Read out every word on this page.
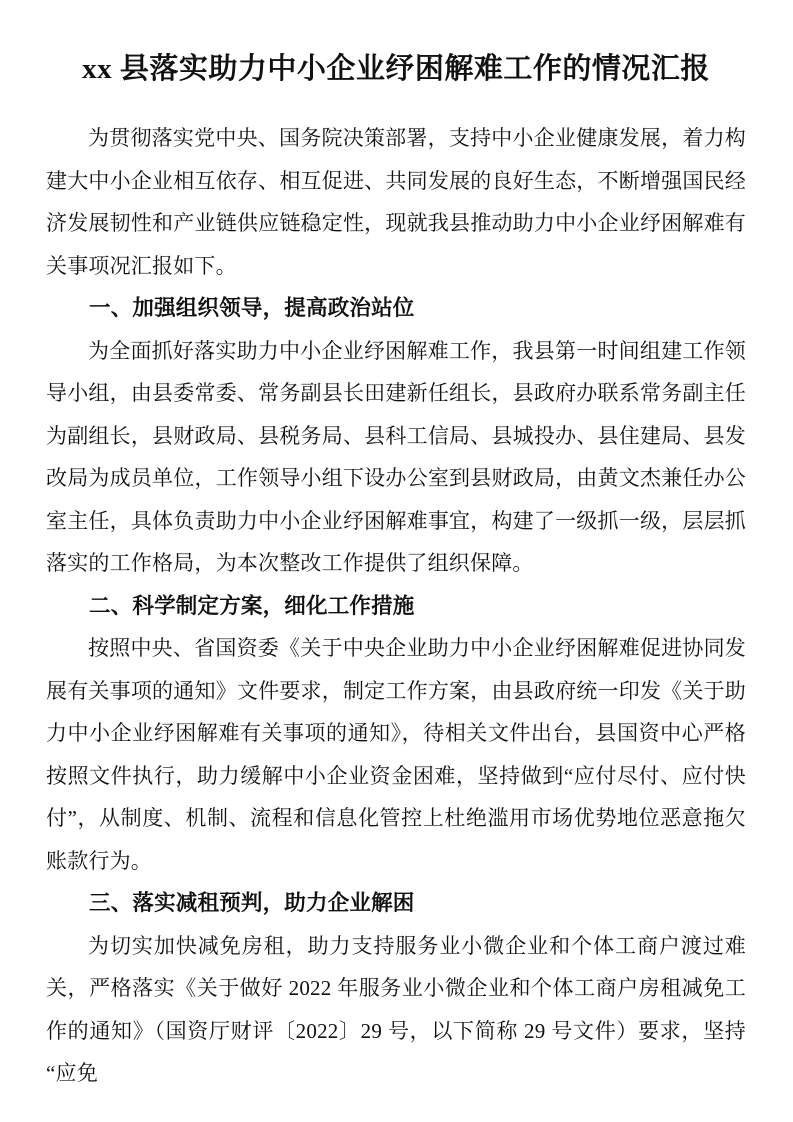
xx 县落实助力中小企业纾困解难工作的情况汇报

为贯彻落实党中央、国务院决策部署，支持中小企业健康发展，着力构建大中小企业相互依存、相互促进、共同发展的良好生态，不断增强国民经济发展韧性和产业链供应链稳定性，现就我县推动助力中小企业纾困解难有关事项况汇报如下。

一、加强组织领导，提高政治站位

为全面抓好落实助力中小企业纾困解难工作，我县第一时间组建工作领导小组，由县委常委、常务副县长田建新任组长，县政府办联系常务副主任为副组长，县财政局、县税务局、县科工信局、县城投办、县住建局、县发改局为成员单位，工作领导小组下设办公室到县财政局，由黄文杰兼任办公室主任，具体负责助力中小企业纾困解难事宜，构建了一级抓一级，层层抓落实的工作格局，为本次整改工作提供了组织保障。

二、科学制定方案，细化工作措施

按照中央、省国资委《关于中央企业助力中小企业纾困解难促进协同发展有关事项的通知》文件要求，制定工作方案，由县政府统一印发《关于助力中小企业纾困解难有关事项的通知》，待相关文件出台，县国资中心严格按照文件执行，助力缓解中小企业资金困难，坚持做到“应付尽付、应付快付”，从制度、机制、流程和信息化管控上杜绝滥用市场优势地位恶意拖欠账款行为。

三、落实减租预判，助力企业解困

为切实加快减免房租，助力支持服务业小微企业和个体工商户渡过难关，严格落实《关于做好 2022 年服务业小微企业和个体工商户房租减免工作的通知》（国资厅财评〔2022〕29 号，以下简称 29 号文件）要求，坚持“应免
